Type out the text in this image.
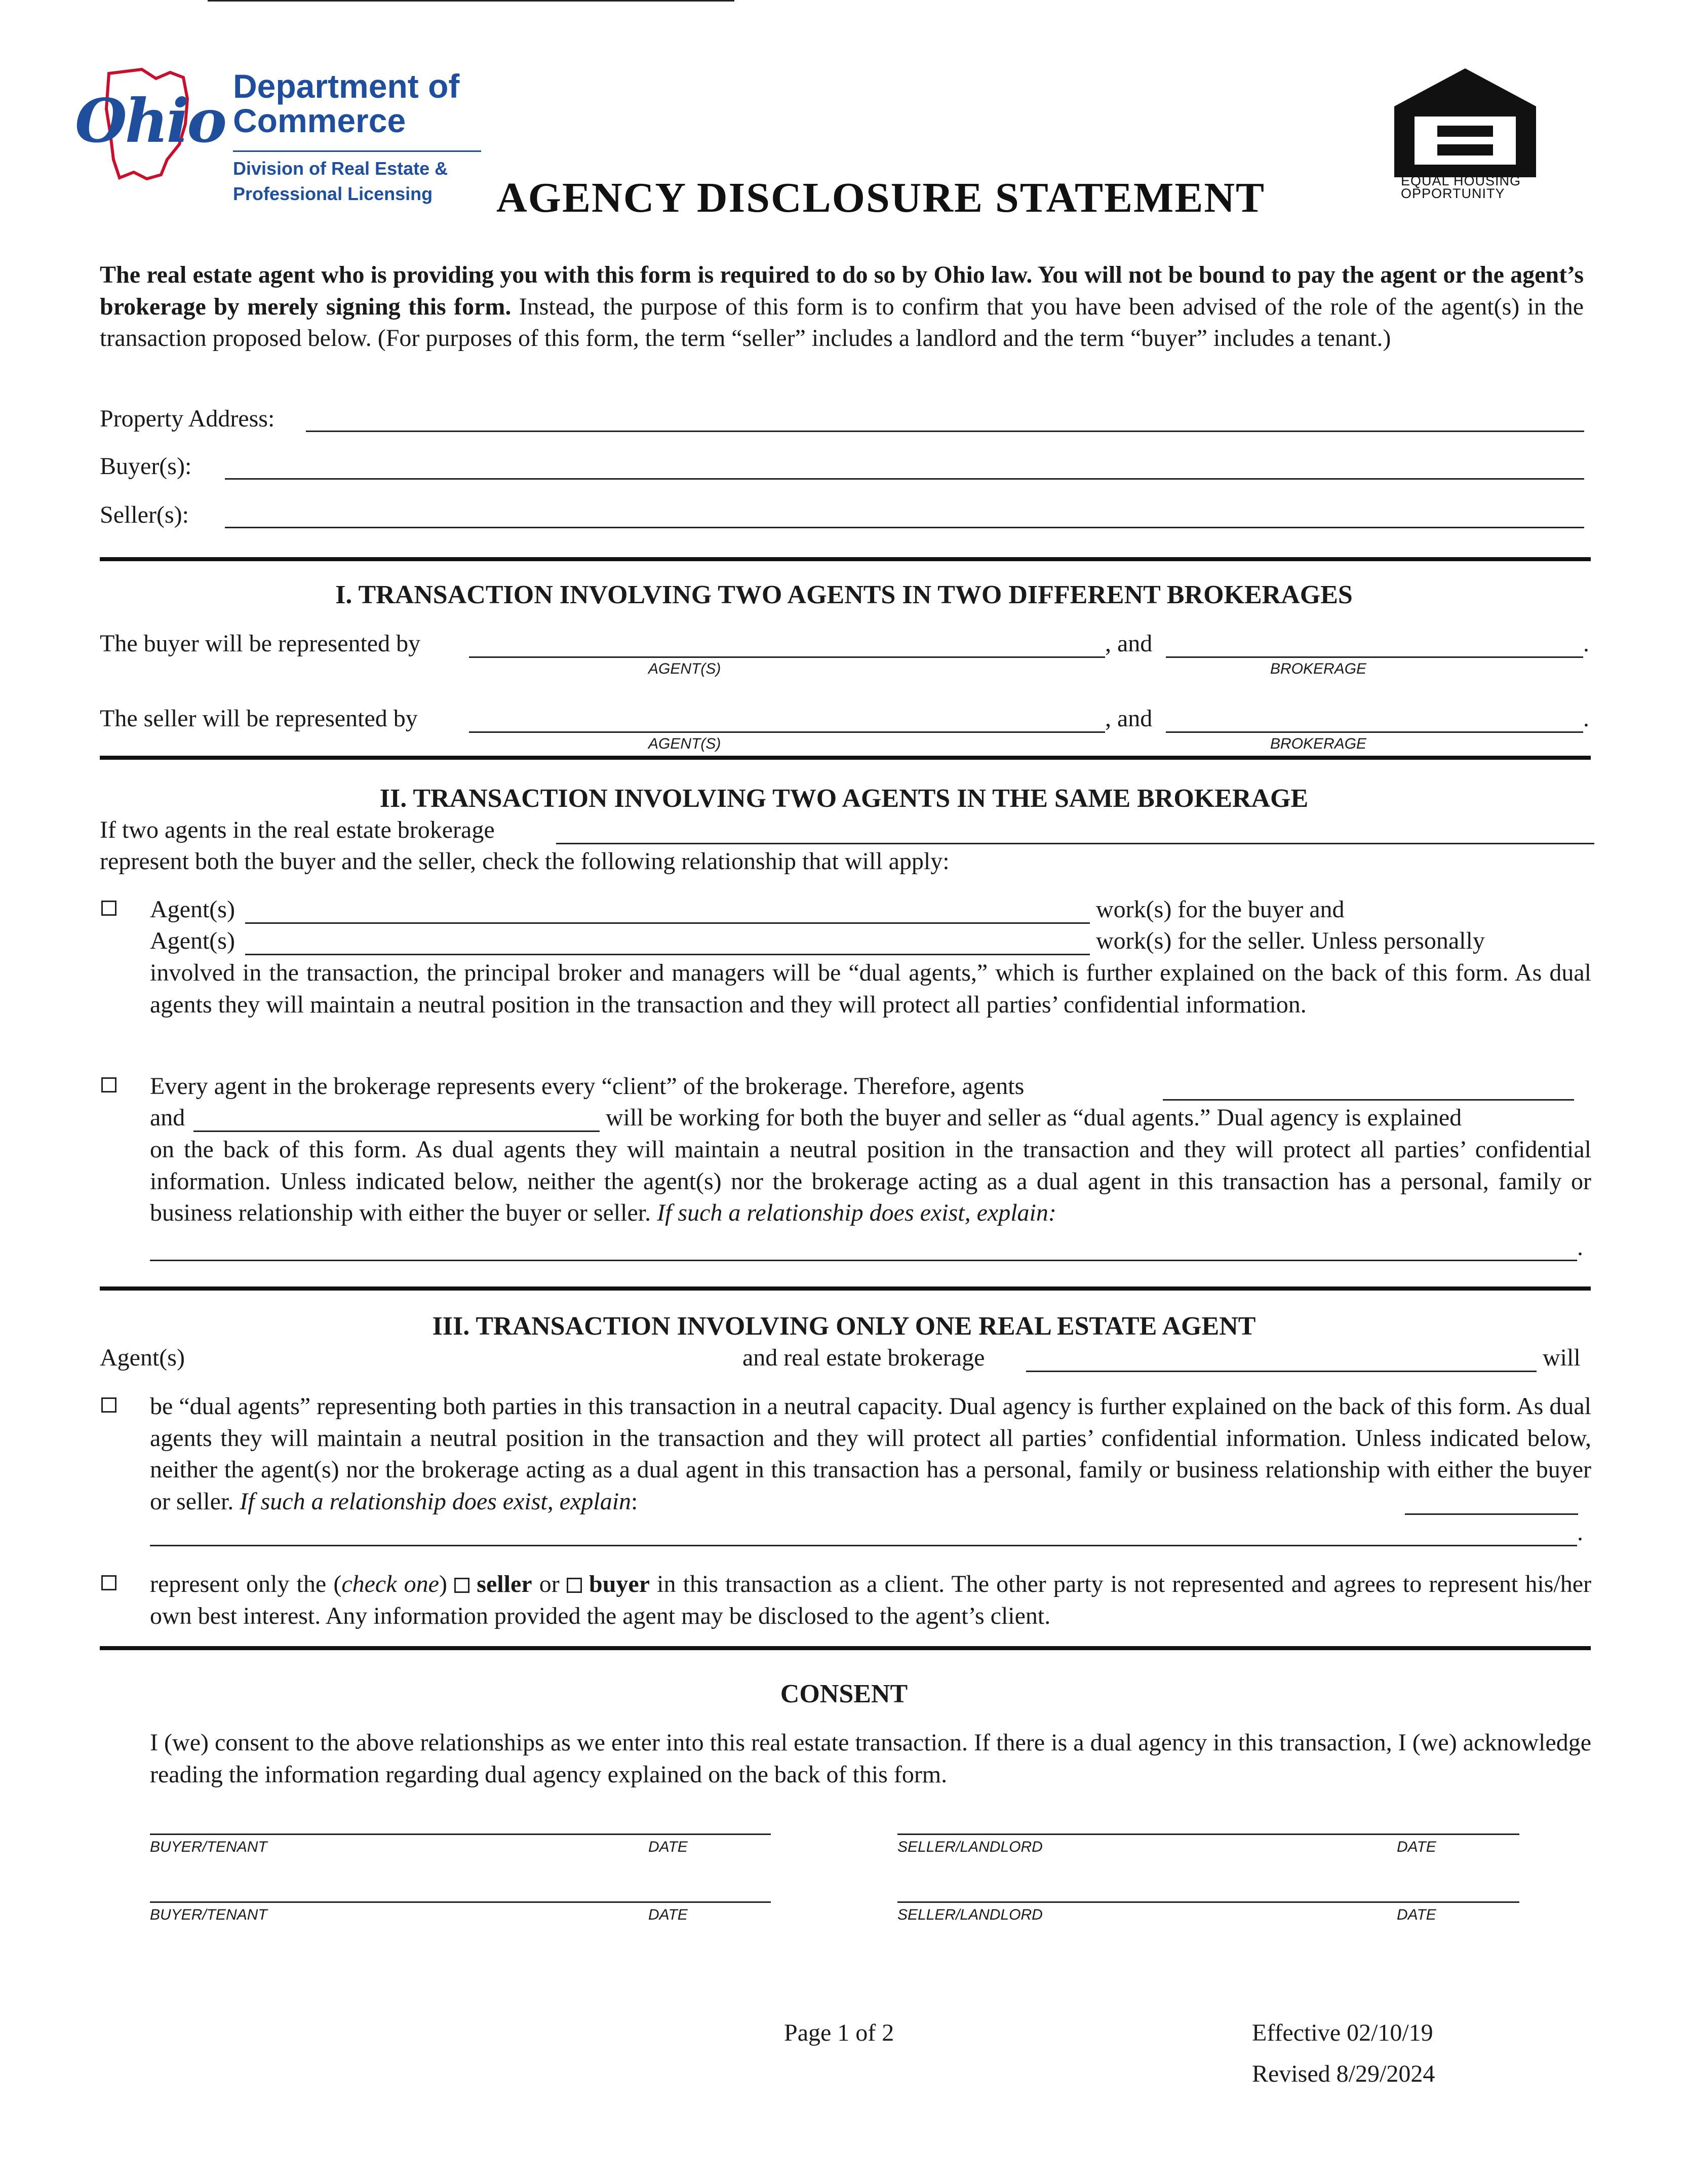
Ohio Department of
Commerce
Division of Real Estate &
Professional Licensing AGENCY DISCLOSURE STATEMENT	EQUAL HOUSING
OPPORTUNITY
The real estate agent who is providing you with this form is required to do so by Ohio law. You will not be bound to pay the agent or the agent’s brokerage by merely signing this form. Instead, the purpose of this form is to confirm that you have been advised of the role of the agent(s) in the transaction proposed below. (For purposes of this form, the term “seller” includes a landlord and the term “buyer” includes a tenant.)
Property Address:
Buyer(s):
Seller(s):
I. TRANSACTION INVOLVING TWO AGENTS IN TWO DIFFERENT BROKERAGES
The buyer will be represented by	, and	.
AGENT(S)	BROKERAGE
The seller will be represented by	, and	.
AGENT(S)	BROKERAGE
II. TRANSACTION INVOLVING TWO AGENTS IN THE SAME BROKERAGE
If two agents in the real estate brokerage
represent both the buyer and the seller, check the following relationship that will apply:
Agent(s)	work(s) for the buyer and
Agent(s)	work(s) for the seller. Unless personally
involved in the transaction, the principal broker and managers will be “dual agents,” which is further explained on the back of this form. As dual agents they will maintain a neutral position in the transaction and they will protect all parties’ confidential information.
Every agent in the brokerage represents every “client” of the brokerage. Therefore, agents
and	will be working for both the buyer and seller as “dual agents.” Dual agency is explained
on the back of this form. As dual agents they will maintain a neutral position in the transaction and they will protect all parties’ confidential information. Unless indicated below, neither the agent(s) nor the brokerage acting as a dual agent in this transaction has a personal, family or business relationship with either the buyer or seller. If such a relationship does exist, explain:
.
III. TRANSACTION INVOLVING ONLY ONE REAL ESTATE AGENT
Agent(s)	and real estate brokerage	will
be “dual agents” representing both parties in this transaction in a neutral capacity. Dual agency is further explained on the back of this form. As dual agents they will maintain a neutral position in the transaction and they will protect all parties’ confidential information. Unless indicated below, neither the agent(s) nor the brokerage acting as a dual agent in this transaction has a personal, family or business relationship with either the buyer or seller. If such a relationship does exist, explain:
.
represent only the (check one) seller or buyer in this transaction as a client. The other party is not represented and agrees to represent his/her own best interest. Any information provided the agent may be disclosed to the agent’s client.
CONSENT
I (we) consent to the above relationships as we enter into this real estate transaction. If there is a dual agency in this transaction, I (we) acknowledge reading the information regarding dual agency explained on the back of this form.
BUYER/TENANT	DATE	SELLER/LANDLORD	DATE
BUYER/TENANT	DATE	SELLER/LANDLORD	DATE
Page 1 of 2	Effective 02/10/19
Revised 8/29/2024
